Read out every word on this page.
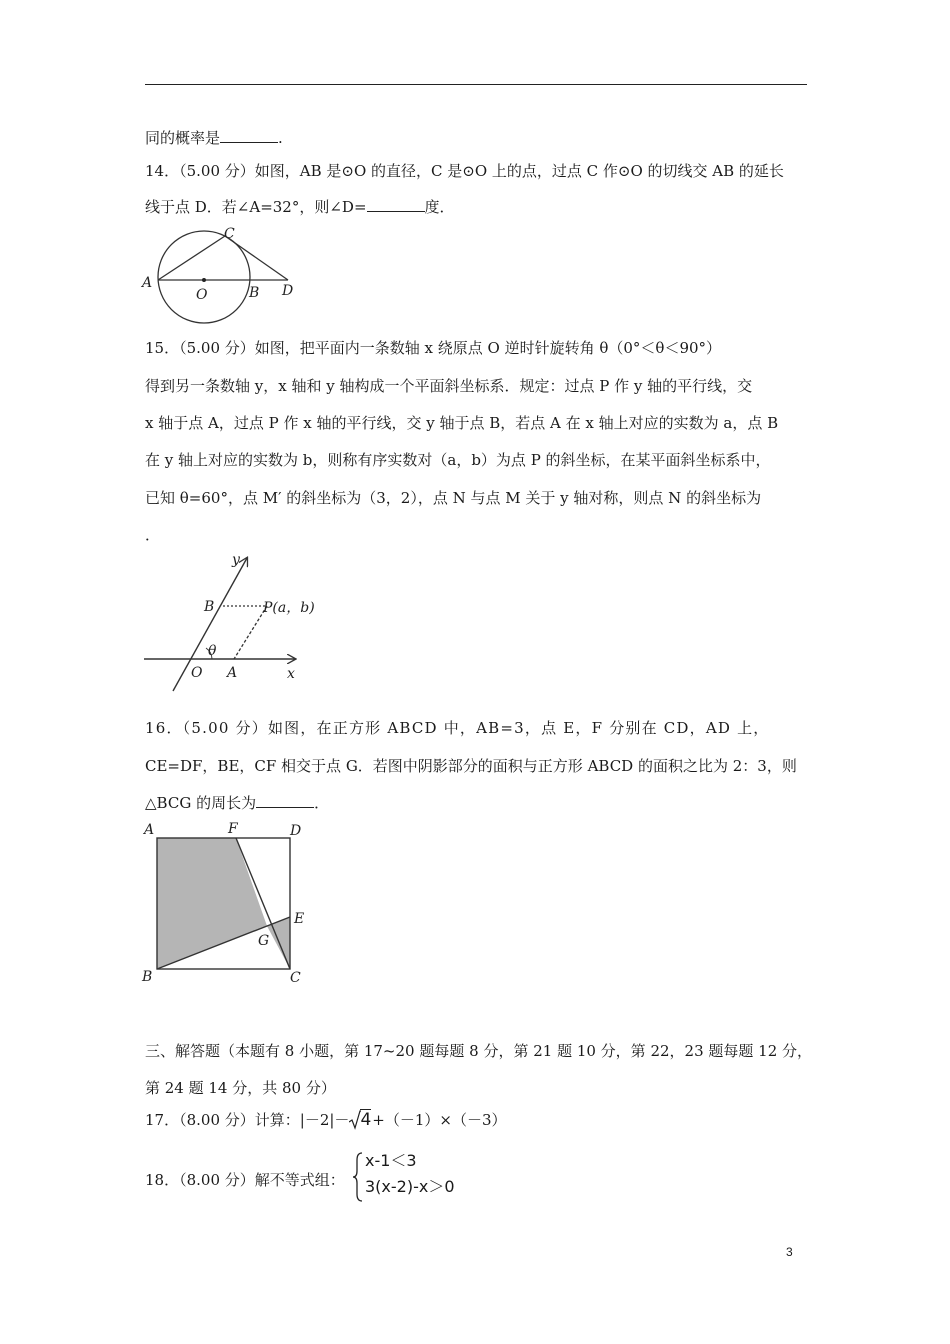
同的概率是	.
14．（5.00 分）如图，AB 是⊙O 的直径，C 是⊙O 上的点，过点 C 作⊙O 的切线交 AB 的延长
线于点 D．若∠A=32°，则∠D=	度．
A
O	B D
C
15．（5.00 分）如图，把平面内一条数轴 x 绕原点 O 逆时针旋转角 θ（0°＜θ＜90°）
得到另一条数轴 y，x 轴和 y 轴构成一个平面斜坐标系．规定：过点 P 作 y 轴的平行线，交
x 轴于点 A，过点 P 作 x 轴的平行线，交 y 轴于点 B，若点 A 在 x 轴上对应的实数为 a，点 B
在 y 轴上对应的实数为 b，则称有序实数对（a，b）为点 P 的斜坐标，在某平面斜坐标系中，
已知 θ=60°，点 M′ 的斜坐标为（3，2），点 N 与点 M 关于 y 轴对称，则点 N 的斜坐标为
．
y
B	P(a，b)
θ
O A	x
16．（5.00 分）如图，在正方形 ABCD 中，AB=3，点 E，F 分别在 CD，AD 上，
CE=DF，BE，CF 相交于点 G．若图中阴影部分的面积与正方形 ABCD 的面积之比为 2：3，则
△BCG 的周长为	．
A	F	D
E
G
B	C
三、解答题（本题有 8 小题，第 17~20 题每题 8 分，第 21 题 10 分，第 22，23 题每题 12 分，
第 24 题 14 分，共 80 分）
17．（8.00 分）计算：|－2|－ 4+（－1）×（－3）
18．（8.00 分）解不等式组：
x-1＜3
3(x-2)-x＞0
3
